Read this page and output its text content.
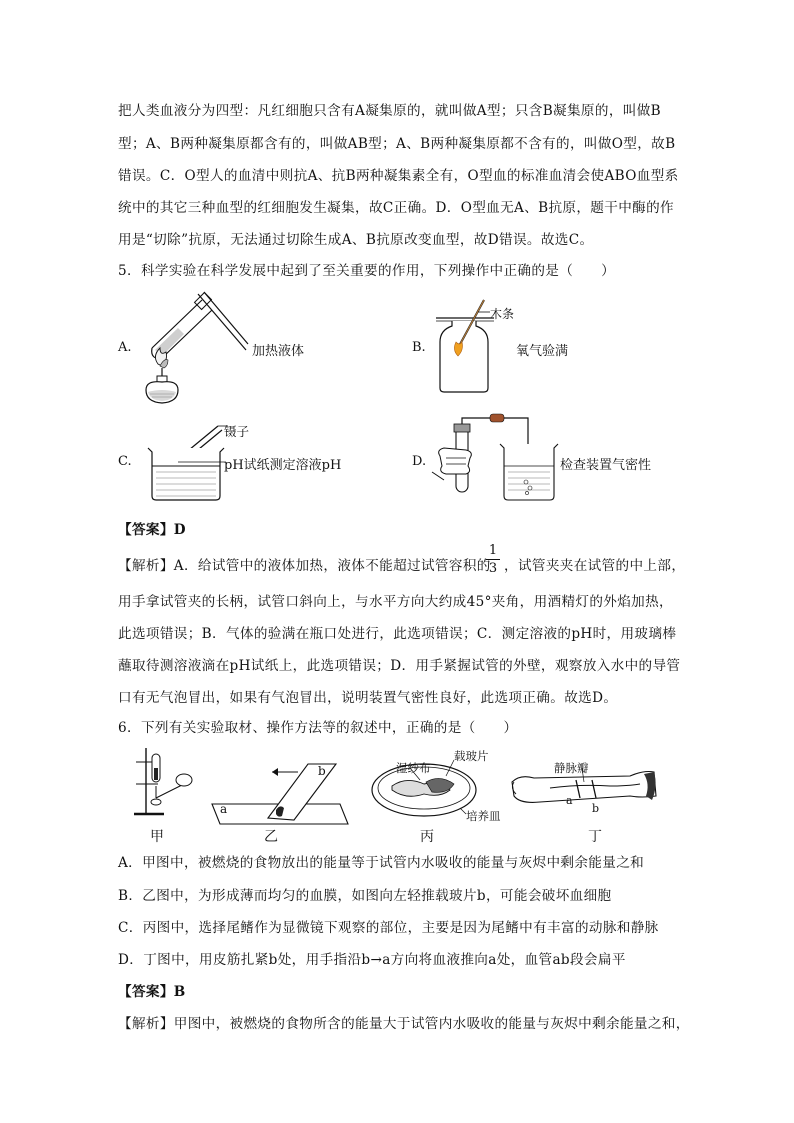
把人类血液分为四型：凡红细胞只含有A凝集原的，就叫做A型；只含B凝集原的，叫做B
型；A、B两种凝集原都含有的，叫做AB型；A、B两种凝集原都不含有的，叫做O型，故B
错误。C．O型人的血清中则抗A、抗B两种凝集素全有，O型血的标准血清会使ABO血型系
统中的其它三种血型的红细胞发生凝集，故C正确。D．O型血无A、B抗原，题干中酶的作
用是“切除”抗原，无法通过切除生成A、B抗原改变血型，故D错误。故选C。
5．科学实验在科学发展中起到了至关重要的作用，下列操作中正确的是（　　）
A.	加热液体	B.
木条
氧气验满
C.
镊子
pH试纸测定溶液pH	D.	检查装置气密性
【答案】D
【解析】A．给试管中的液体加热，液体不能超过试管容积的
1
3 ，试管夹夹在试管的中上部，
用手拿试管夹的长柄，试管口斜向上，与水平方向大约成45°夹角，用酒精灯的外焰加热，
此选项错误；B．气体的验满在瓶口处进行，此选项错误；C．测定溶液的pH时，用玻璃棒
蘸取待测溶液滴在pH试纸上，此选项错误；D．用手紧握试管的外壁，观察放入水中的导管
口有无气泡冒出，如果有气泡冒出，说明装置气密性良好，此选项正确。故选D。
6．下列有关实验取材、操作方法等的叙述中，正确的是（　　）
甲
a
b
乙
湿纱布
载玻片
培养皿
丙
静脉瓣
a
b
丁
A．甲图中，被燃烧的食物放出的能量等于试管内水吸收的能量与灰烬中剩余能量之和
B．乙图中，为形成薄而均匀的血膜，如图向左轻推载玻片b，可能会破坏血细胞
C．丙图中，选择尾鳍作为显微镜下观察的部位，主要是因为尾鳍中有丰富的动脉和静脉
D．丁图中，用皮筋扎紧b处，用手指沿b→a方向将血液推向a处，血管ab段会扁平
【答案】B
【解析】甲图中，被燃烧的食物所含的能量大于试管内水吸收的能量与灰烬中剩余能量之和，
